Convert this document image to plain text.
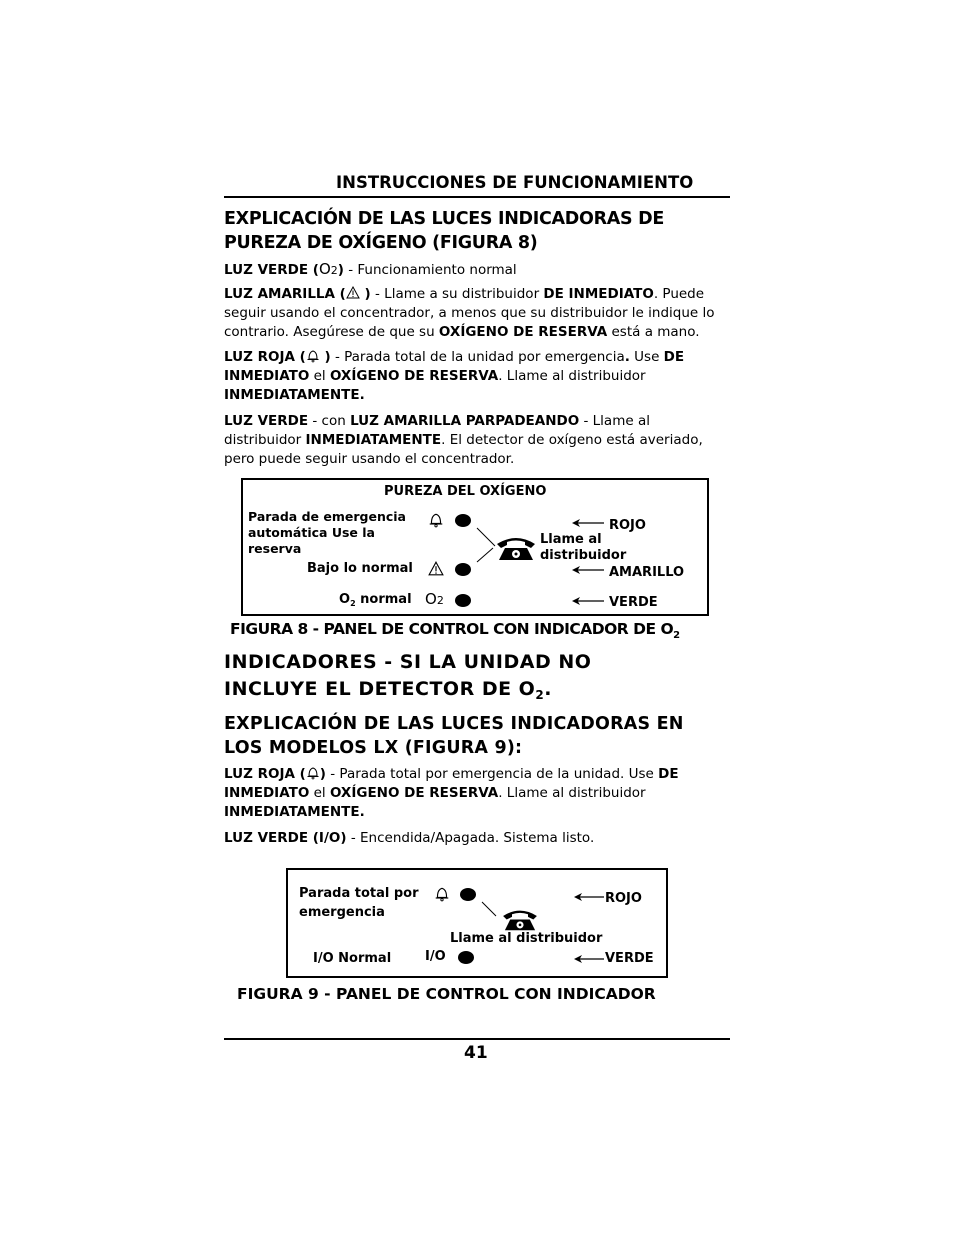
INSTRUCCIONES DE FUNCIONAMIENTO
EXPLICACIÓN DE LAS LUCES INDICADORAS DE
PUREZA DE OXÍGENO (FIGURA 8)
LUZ VERDE (O2) - Funcionamiento normal
LUZ AMARILLA ( ) - Llame a su distribuidor DE INMEDIATO. Puede seguir usando el concentrador, a menos que su distribuidor le indique lo contrario. Asegúrese de que su OXÍGENO DE RESERVA está a mano.
LUZ ROJA ( ) - Parada total de la unidad por emergencia. Use DE INMEDIATO el OXÍGENO DE RESERVA. Llame al distribuidor INMEDIATAMENTE.
LUZ VERDE - con LUZ AMARILLA PARPADEANDO - Llame al distribuidor INMEDIATAMENTE. El detector de oxígeno está averiado, pero puede seguir usando el concentrador.
PUREZA DEL OXÍGENO
Parada de emergencia automática Use la reserva
Bajo lo normal
$O_2$ normal O2
Llame al distribuidor
ROJO
AMARILLO
VERDE
FIGURA 8 - PANEL DE CONTROL CON INDICADOR DE $O_2$
INDICADORES - SI LA UNIDAD NO
INCLUYE EL DETECTOR DE $O_2$.
EXPLICACIÓN DE LAS LUCES INDICADORAS EN
LOS MODELOS LX (FIGURA 9):
LUZ ROJA ( ) - Parada total por emergencia de la unidad. Use DE INMEDIATO el OXÍGENO DE RESERVA. Llame al distribuidor INMEDIATAMENTE.
LUZ VERDE (I/O) - Encendida/Apagada. Sistema listo.
Parada total por emergencia
I/O Normal	I/O
Llame al distribuidor
ROJO
VERDE
FIGURA 9 - PANEL DE CONTROL CON INDICADOR
41
